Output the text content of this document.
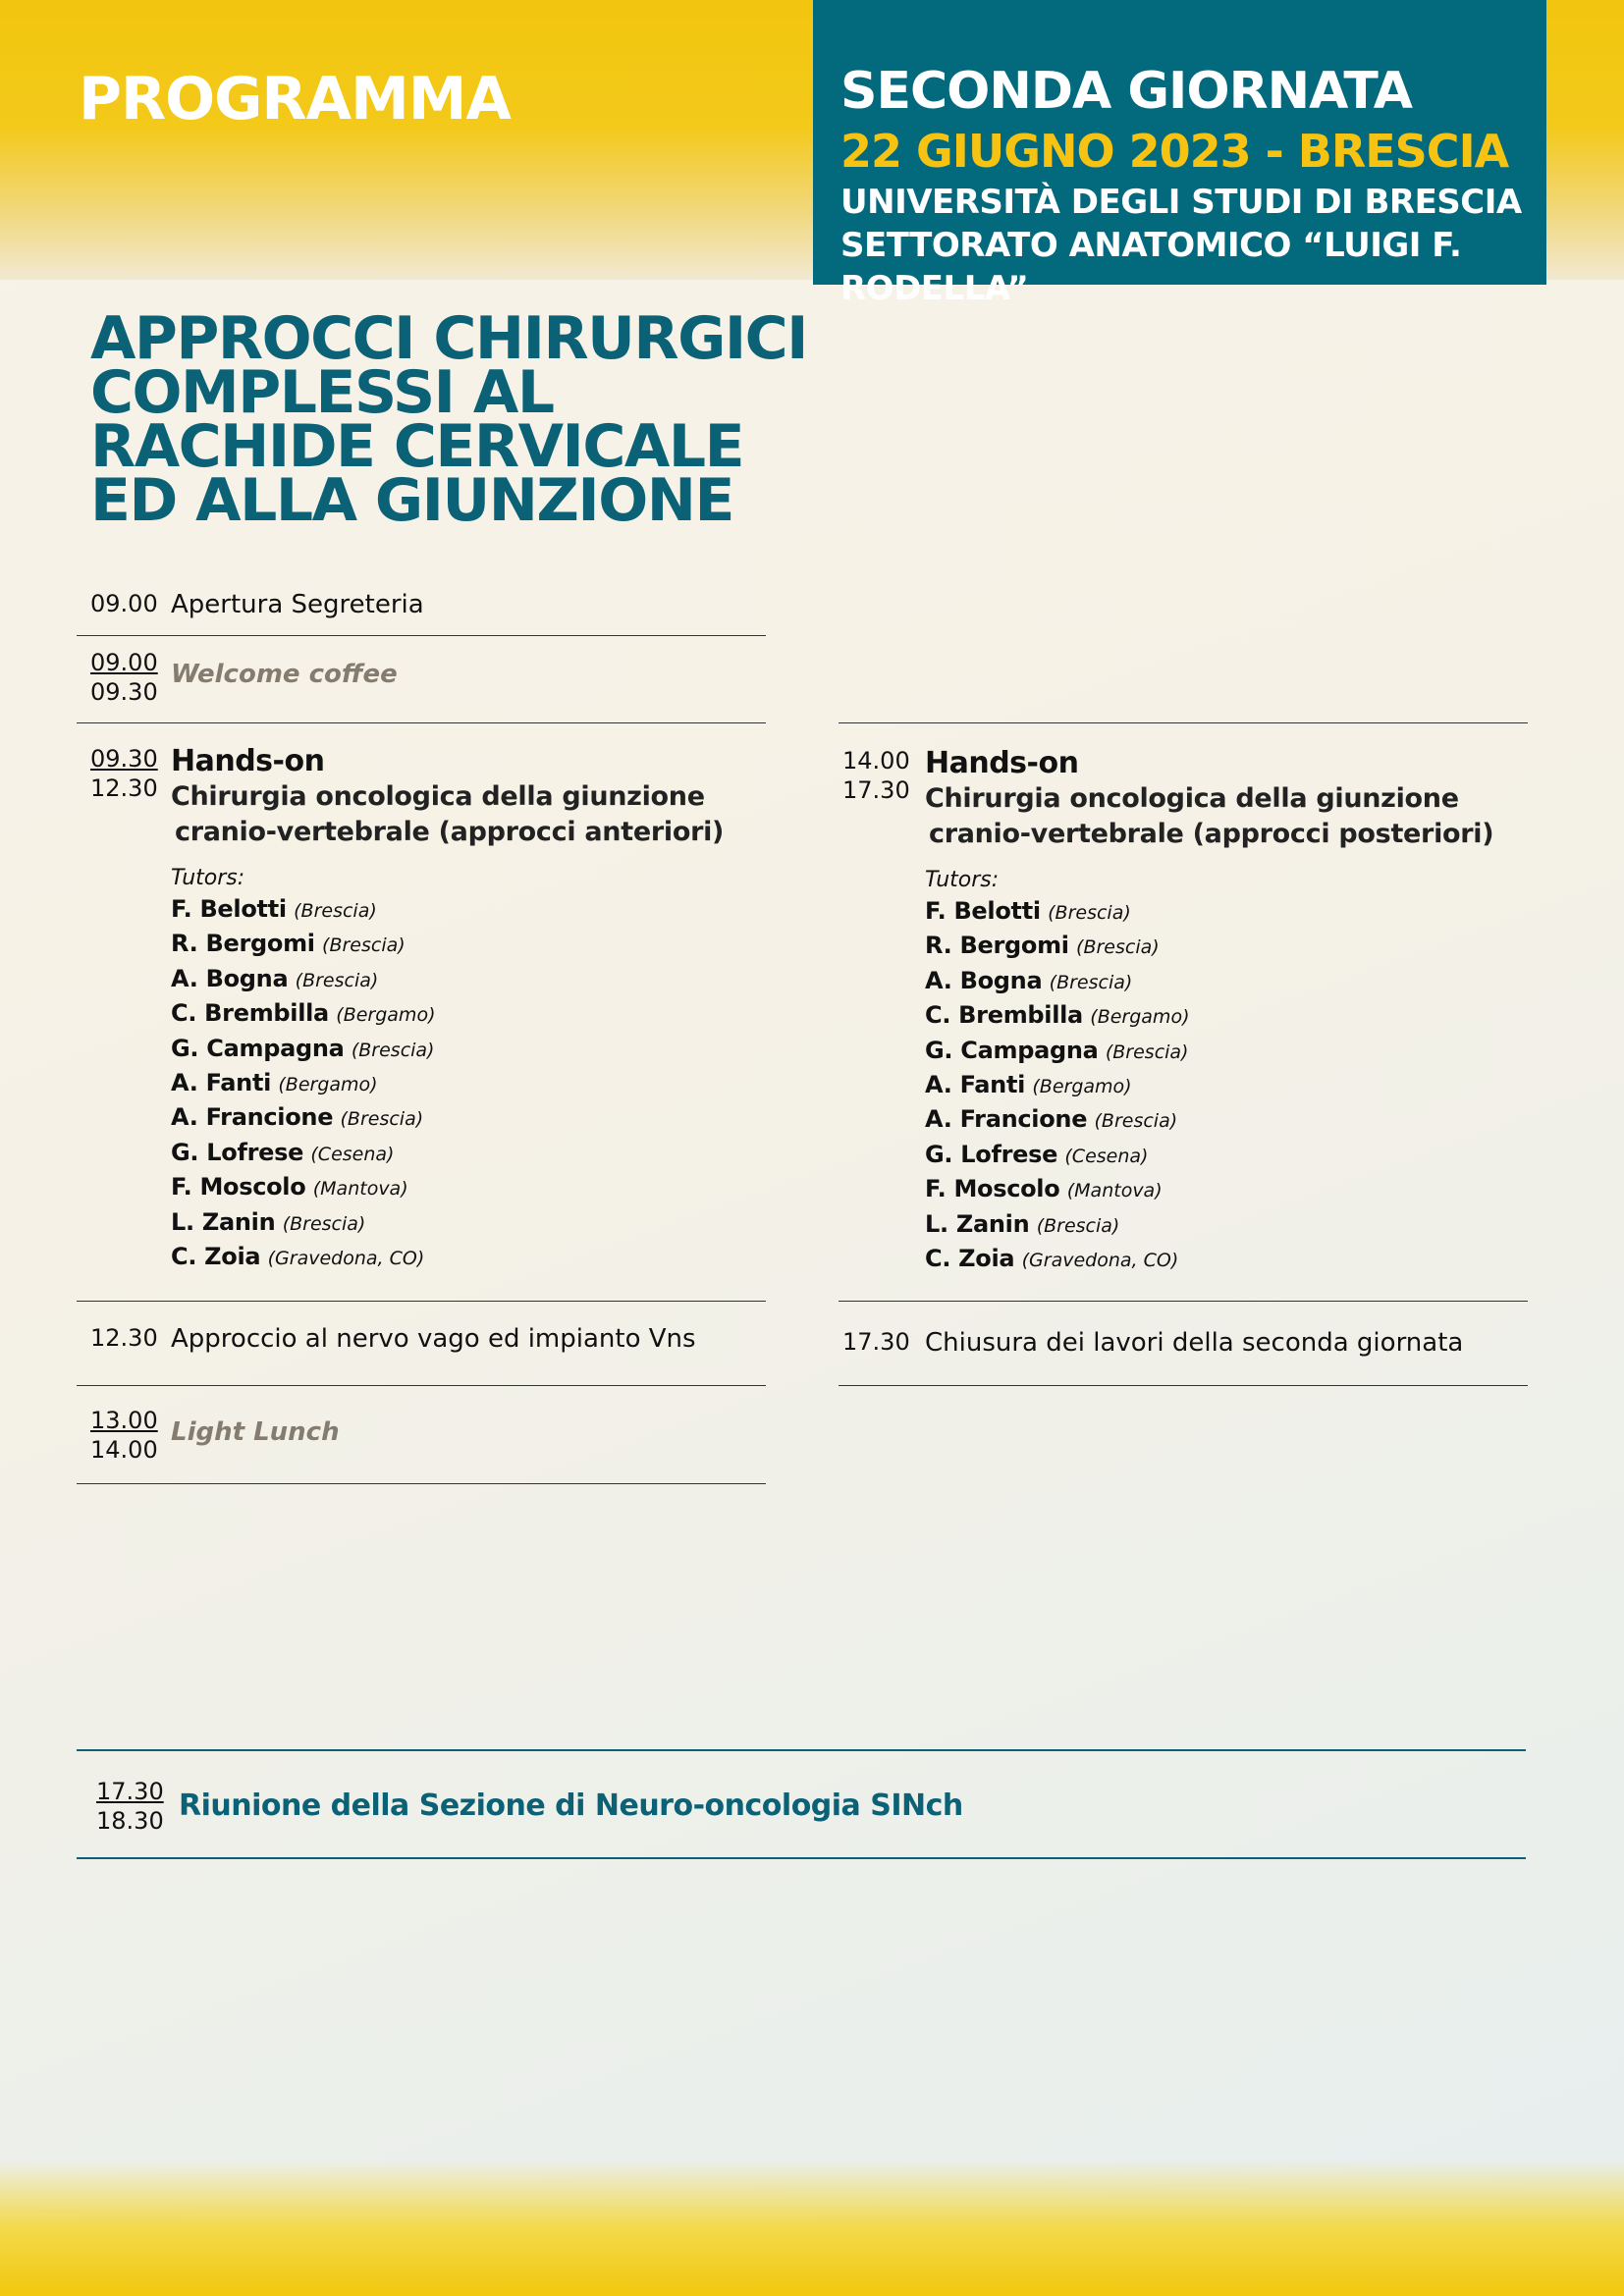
PROGRAMMA	SECONDA GIORNATA
22 GIUGNO 2023 - BRESCIA
UNIVERSITÀ DEGLI STUDI DI BRESCIA
SETTORATO ANATOMICO “LUIGI F. RODELLA”
APPROCCI CHIRURGICI
COMPLESSI AL
RACHIDE CERVICALE
ED ALLA GIUNZIONE
09.00 Apertura Segreteria
09.00
09.30
Welcome coffee
09.30
12.30
Hands-on
Chirurgia oncologica della giunzione
cranio-vertebrale (approcci anteriori)
Tutors:
F. Belotti (Brescia)
R. Bergomi (Brescia)
A. Bogna (Brescia)
C. Brembilla (Bergamo)
G. Campagna (Brescia)
A. Fanti (Bergamo)
A. Francione (Brescia)
G. Lofrese (Cesena)
F. Moscolo (Mantova)
L. Zanin (Brescia)
C. Zoia (Gravedona, CO)
12.30 Approccio al nervo vago ed impianto Vns
13.00
14.00
Light Lunch
14.00
17.30
Hands-on
Chirurgia oncologica della giunzione
cranio-vertebrale (approcci posteriori)
Tutors:
F. Belotti (Brescia)
R. Bergomi (Brescia)
A. Bogna (Brescia)
C. Brembilla (Bergamo)
G. Campagna (Brescia)
A. Fanti (Bergamo)
A. Francione (Brescia)
G. Lofrese (Cesena)
F. Moscolo (Mantova)
L. Zanin (Brescia)
C. Zoia (Gravedona, CO)
17.30 Chiusura dei lavori della seconda giornata
17.30
18.30 Riunione della Sezione di Neuro-oncologia SINch
